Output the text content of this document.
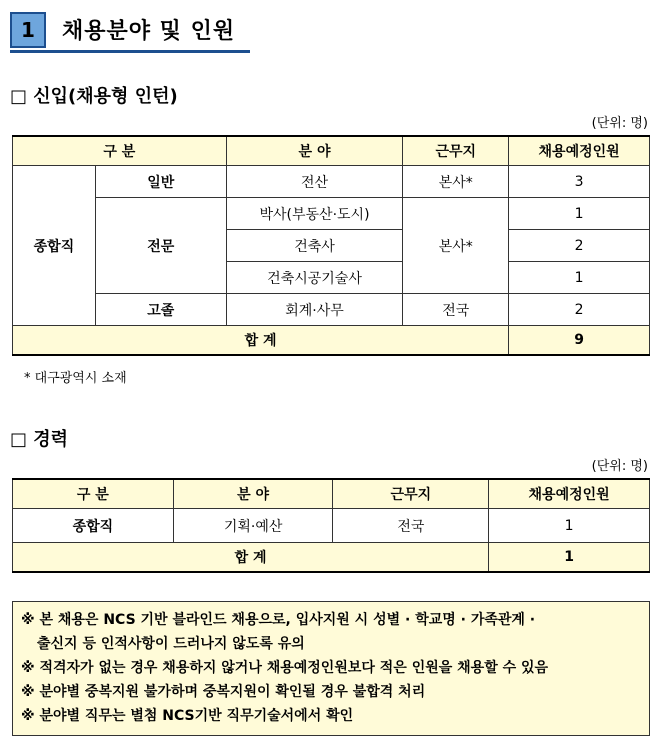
1	채용분야 및 인원
□ 신입(채용형 인턴)
(단위: 명)
구 분		분 야	근무지	채용예정인원
종합직	일반	전산	본사*	3
	전문	박사(부동산·도시)	본사*	1
		건축사		2
		건축시공기술사		1
	고졸	회계·사무	전국	2
합 계				9
* 대구광역시 소재
□ 경력
(단위: 명)
구 분	분 야	근무지	채용예정인원
종합직	기획·예산	전국	1
합 계			1
※ 본 채용은 NCS 기반 블라인드 채용으로, 입사지원 시 성별 · 학교명 · 가족관계 ·
출신지 등 인적사항이 드러나지 않도록 유의
※ 적격자가 없는 경우 채용하지 않거나 채용예정인원보다 적은 인원을 채용할 수 있음
※ 분야별 중복지원 불가하며 중복지원이 확인될 경우 불합격 처리
※ 분야별 직무는 별첨 NCS기반 직무기술서에서 확인
